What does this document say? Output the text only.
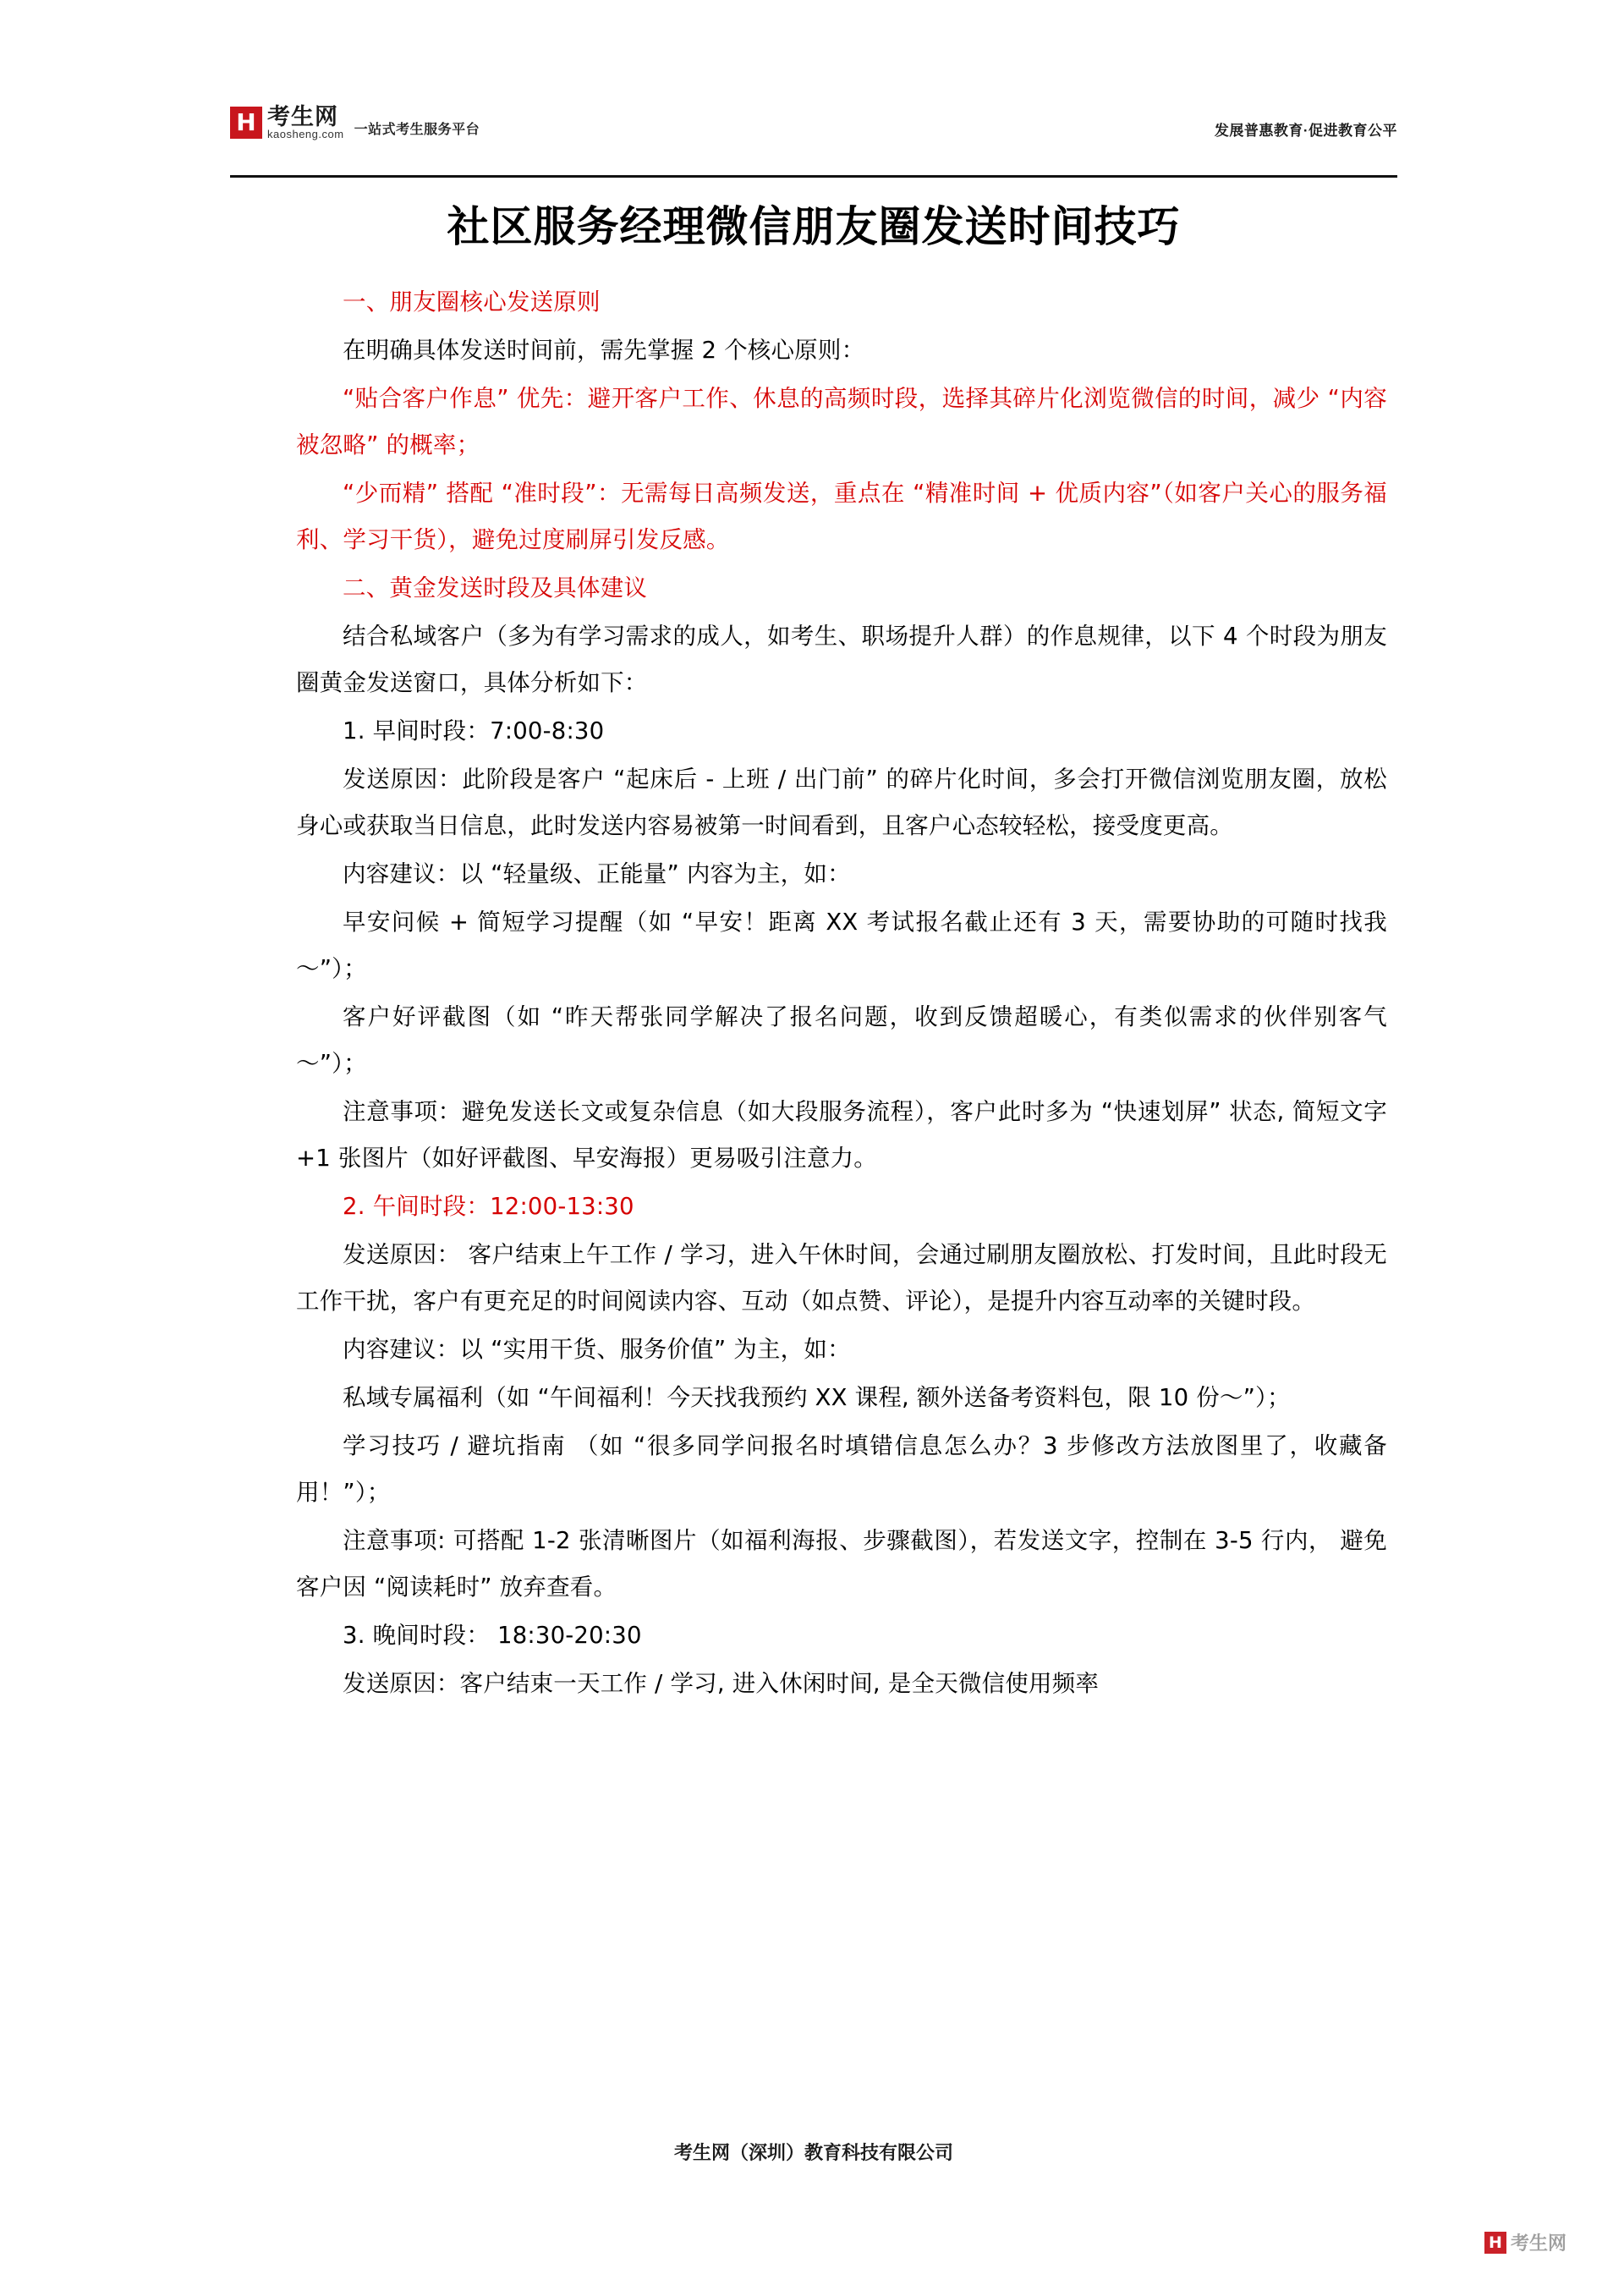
H 考生网
kaosheng.com 一站式考生服务平台	发展普惠教育·促进教育公平
社区服务经理微信朋友圈发送时间技巧

一、朋友圈核心发送原则

在明确具体发送时间前，需先掌握 2 个核心原则：

“贴合客户作息” 优先：避开客户工作、休息的高频时段，选择其碎片化浏览微信的时间，减少 “内容被忽略” 的概率；

“少而精” 搭配 “准时段”：无需每日高频发送，重点在 “精准时间 + 优质内容”（如客户关心的服务福利、学习干货），避免过度刷屏引发反感。

二、黄金发送时段及具体建议

结合私域客户（多为有学习需求的成人，如考生、职场提升人群）的作息规律，以下 4 个时段为朋友圈黄金发送窗口，具体分析如下：

1. 早间时段：7:00-8:30

发送原因：此阶段是客户 “起床后 - 上班 / 出门前” 的碎片化时间，多会打开微信浏览朋友圈，放松身心或获取当日信息，此时发送内容易被第一时间看到，且客户心态较轻松，接受度更高。

内容建议：以 “轻量级、正能量” 内容为主，如：

早安问候 + 简短学习提醒（如 “早安！距离 XX 考试报名截止还有 3 天，需要协助的可随时找我～”）；

客户好评截图（如 “昨天帮张同学解决了报名问题，收到反馈超暖心，有类似需求的伙伴别客气～”）；

注意事项：避免发送长文或复杂信息（如大段服务流程），客户此时多为 “快速划屏” 状态, 简短文字 +1 张图片（如好评截图、早安海报）更易吸引注意力。

2. 午间时段：12:00-13:30

发送原因： 客户结束上午工作 / 学习，进入午休时间，会通过刷朋友圈放松、打发时间，且此时段无工作干扰，客户有更充足的时间阅读内容、互动（如点赞、评论），是提升内容互动率的关键时段。

内容建议：以 “实用干货、服务价值” 为主，如：

私域专属福利（如 “午间福利！今天找我预约 XX 课程, 额外送备考资料包，限 10 份～”）；

学习技巧 / 避坑指南 （如 “很多同学问报名时填错信息怎么办？3 步修改方法放图里了，收藏备用！”）；

注意事项: 可搭配 1-2 张清晰图片（如福利海报、步骤截图），若发送文字，控制在 3-5 行内， 避免客户因 “阅读耗时” 放弃查看。

3. 晚间时段： 18:30-20:30

发送原因：客户结束一天工作 / 学习, 进入休闲时间, 是全天微信使用频率

考生网（深圳）教育科技有限公司
H 考生网
